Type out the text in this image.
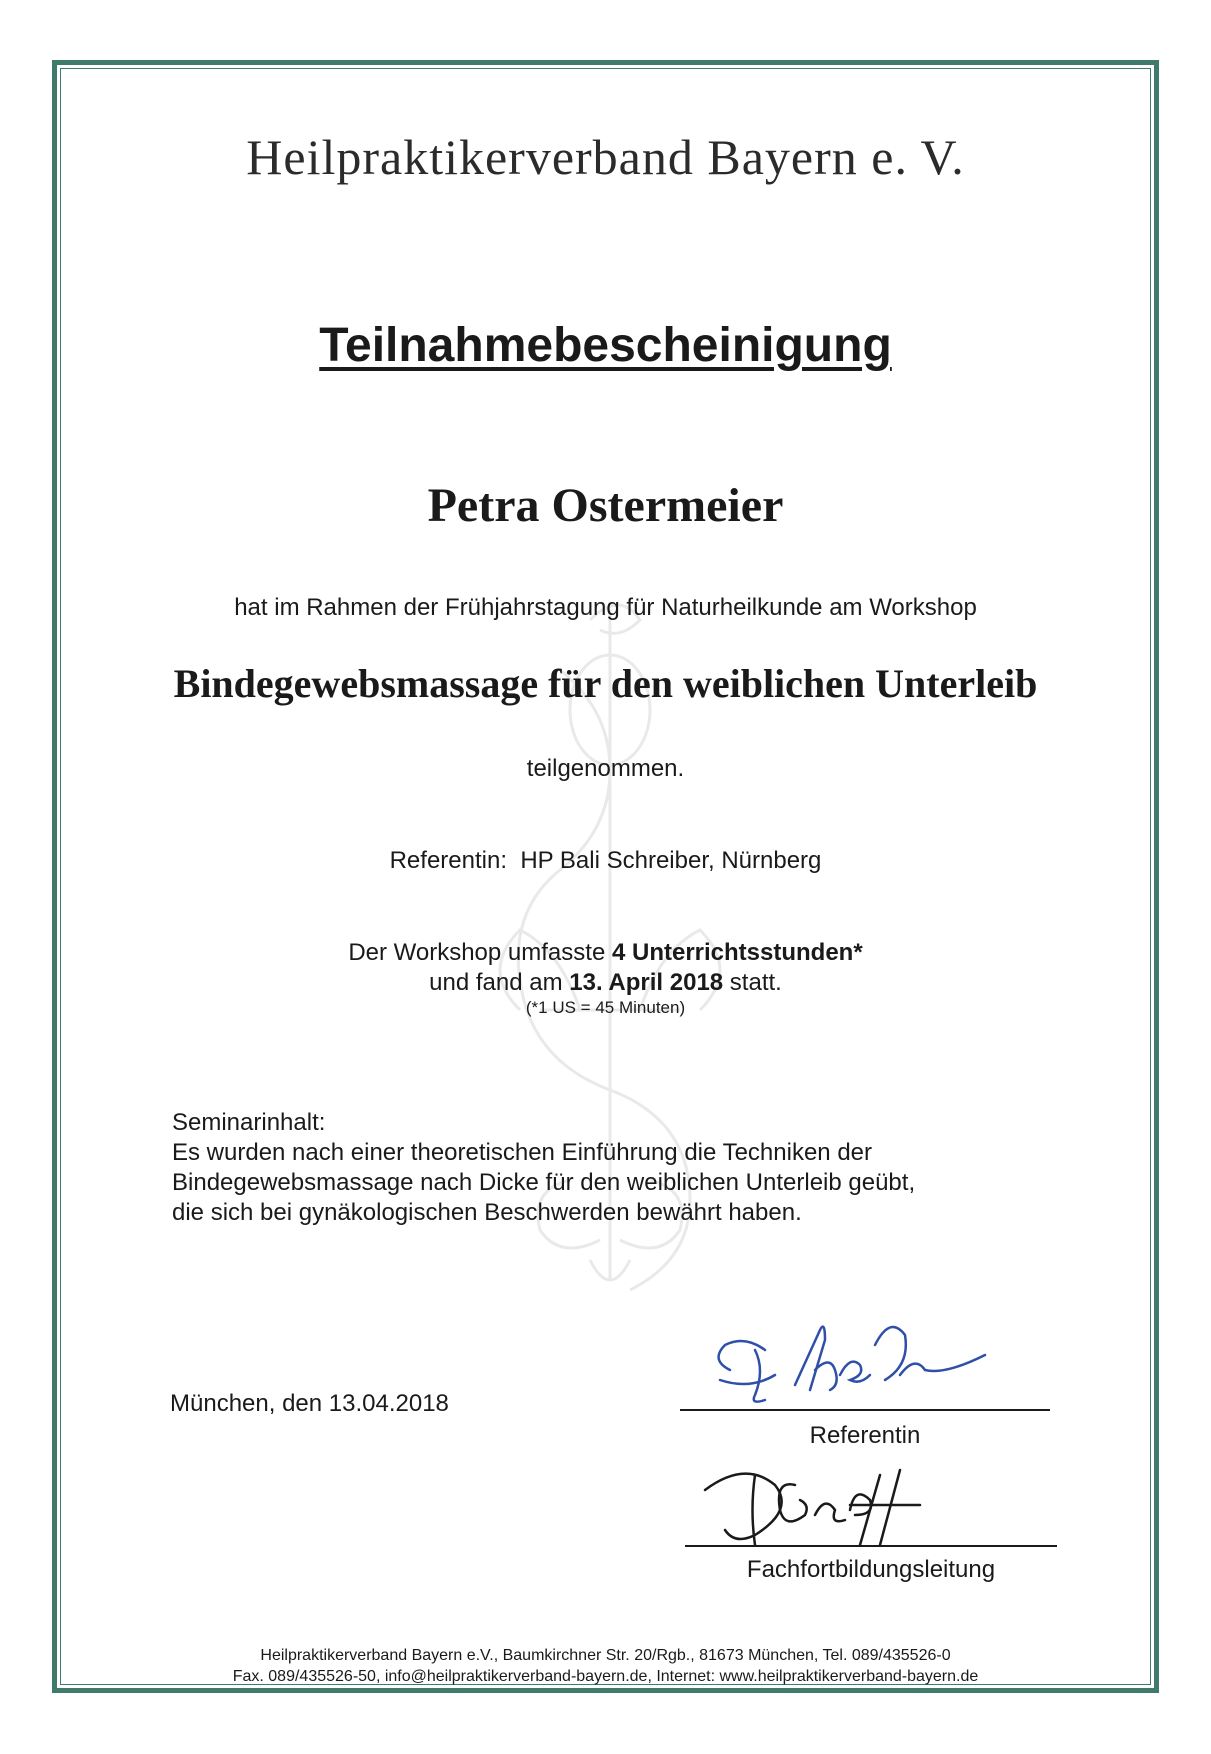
Heilpraktikerverband Bayern e. V.
Teilnahmebescheinigung
Petra Ostermeier
hat im Rahmen der Frühjahrstagung für Naturheilkunde am Workshop
Bindegewebsmassage für den weiblichen Unterleib
teilgenommen.
Referentin: HP Bali Schreiber, Nürnberg
Der Workshop umfasste 4 Unterrichtsstunden*
und fand am 13. April 2018 statt.
(*1 US = 45 Minuten)
Seminarinhalt:
Es wurden nach einer theoretischen Einführung die Techniken der
Bindegewebsmassage nach Dicke für den weiblichen Unterleib geübt,
die sich bei gynäkologischen Beschwerden bewährt haben.
München, den 13.04.2018
Referentin
Fachfortbildungsleitung
Heilpraktikerverband Bayern e.V., Baumkirchner Str. 20/Rgb., 81673 München, Tel. 089/435526-0
Fax. 089/435526-50, info@heilpraktikerverband-bayern.de, Internet: www.heilpraktikerverband-bayern.de
